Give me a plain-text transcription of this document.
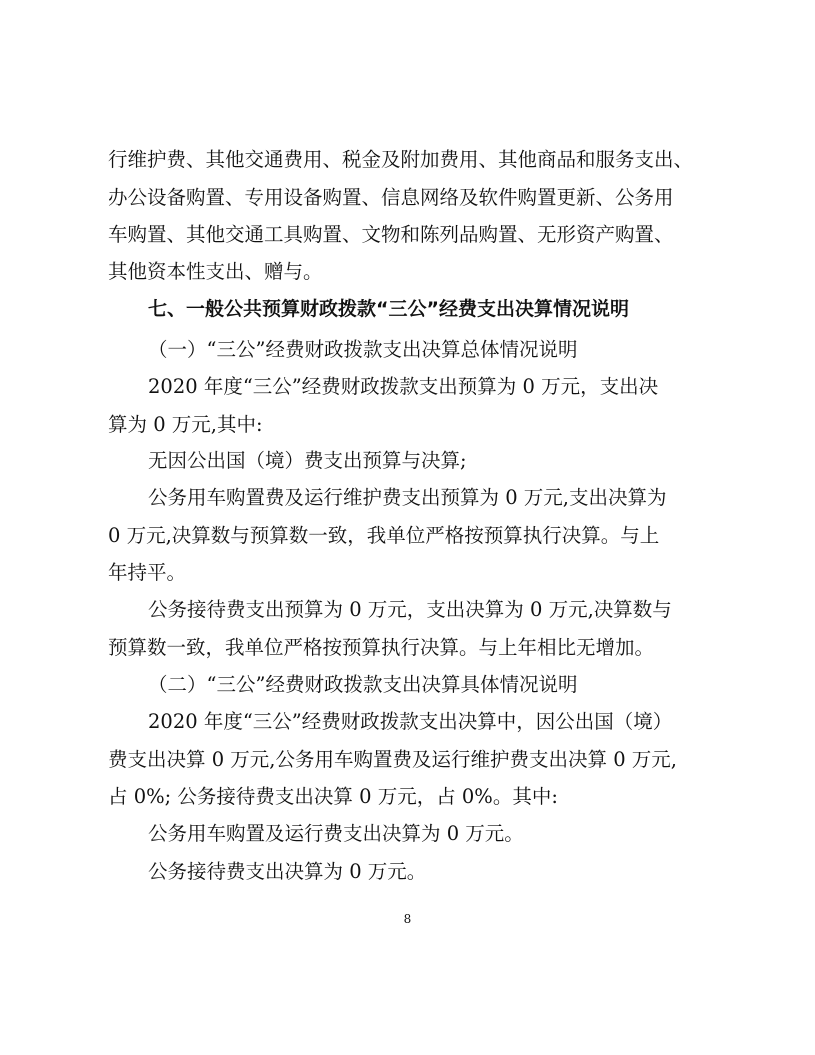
行维护费、其他交通费用、税金及附加费用、其他商品和服务支出、
办公设备购置、专用设备购置、信息网络及软件购置更新、公务用
车购置、其他交通工具购置、文物和陈列品购置、无形资产购置、
其他资本性支出、赠与。
七、一般公共预算财政拨款“三公”经费支出决算情况说明
（一）“三公”经费财政拨款支出决算总体情况说明
2020 年度“三公”经费财政拨款支出预算为 0 万元，支出决
算为 0 万元,其中:
无因公出国（境）费支出预算与决算;
公务用车购置费及运行维护费支出预算为 0 万元,支出决算为
0 万元,决算数与预算数一致，我单位严格按预算执行决算。与上
年持平。
公务接待费支出预算为 0 万元，支出决算为 0 万元,决算数与
预算数一致，我单位严格按预算执行决算。与上年相比无增加。
（二）“三公”经费财政拨款支出决算具体情况说明
2020 年度“三公”经费财政拨款支出决算中，因公出国（境）
费支出决算 0 万元,公务用车购置费及运行维护费支出决算 0 万元,
占 0%; 公务接待费支出决算 0 万元，占 0%。其中:
公务用车购置及运行费支出决算为 0 万元。
公务接待费支出决算为 0 万元。
8
